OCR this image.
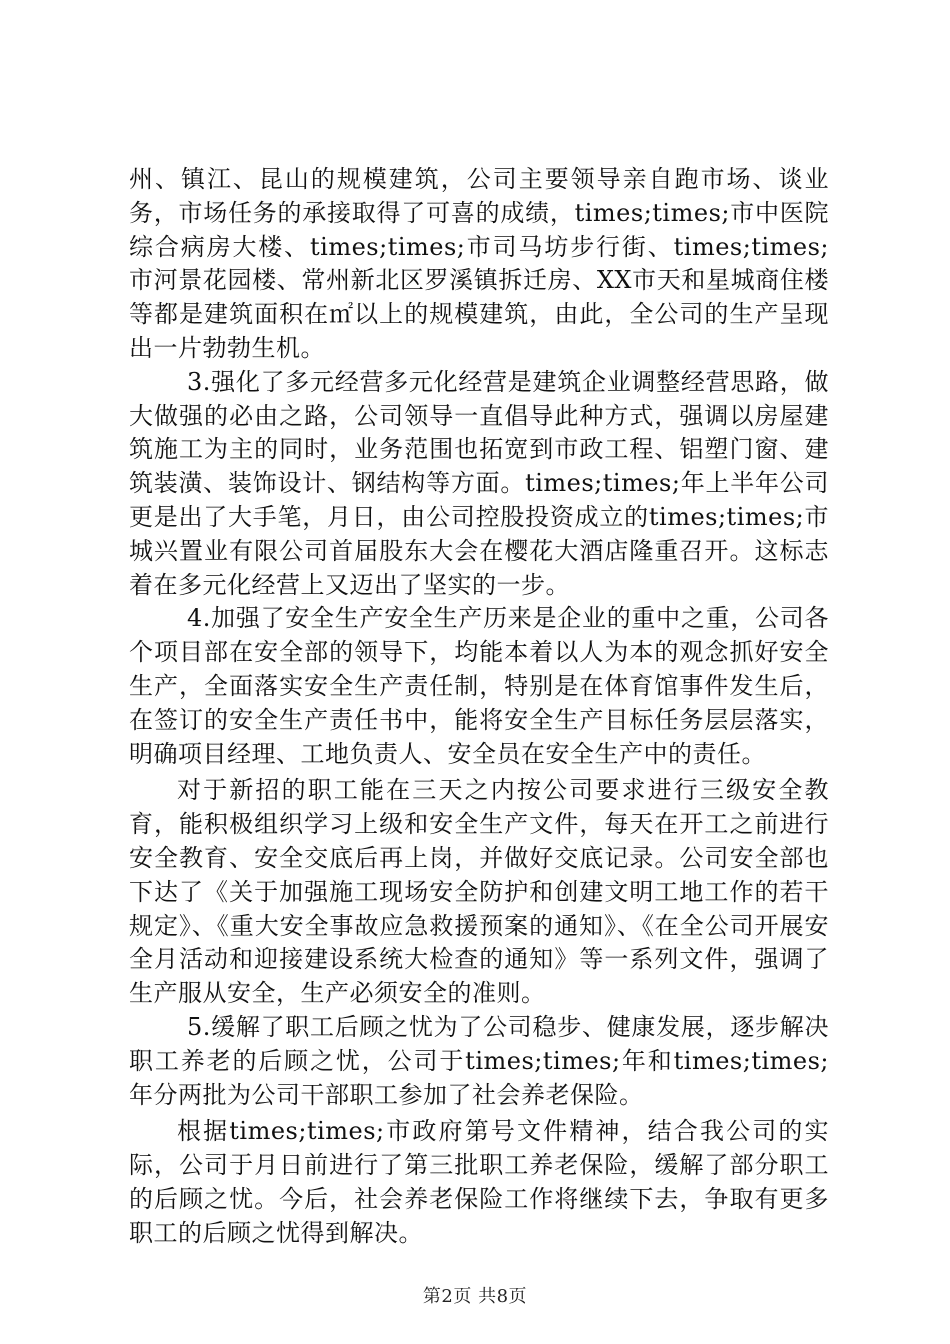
州、镇江、昆山的规模建筑，公司主要领导亲自跑市场、谈业务，市场任务的承接取得了可喜的成绩，times;times;市中医院综合病房大楼、times;times;市司马坊步行街、times;times;市河景花园楼、常州新北区罗溪镇拆迁房、XX市天和星城商住楼等都是建筑面积在㎡以上的规模建筑，由此，全公司的生产呈现出一片勃勃生机。

3.强化了多元经营多元化经营是建筑企业调整经营思路，做大做强的必由之路，公司领导一直倡导此种方式，强调以房屋建筑施工为主的同时，业务范围也拓宽到市政工程、铝塑门窗、建筑装潢、装饰设计、钢结构等方面。times;times;年上半年公司更是出了大手笔，月日，由公司控股投资成立的times;times;市城兴置业有限公司首届股东大会在樱花大酒店隆重召开。这标志着在多元化经营上又迈出了坚实的一步。

4.加强了安全生产安全生产历来是企业的重中之重，公司各个项目部在安全部的领导下，均能本着以人为本的观念抓好安全生产，全面落实安全生产责任制，特别是在体育馆事件发生后，在签订的安全生产责任书中，能将安全生产目标任务层层落实，明确项目经理、工地负责人、安全员在安全生产中的责任。

对于新招的职工能在三天之内按公司要求进行三级安全教育，能积极组织学习上级和安全生产文件，每天在开工之前进行安全教育、安全交底后再上岗，并做好交底记录。公司安全部也下达了《关于加强施工现场安全防护和创建文明工地工作的若干规定》、《重大安全事故应急救援预案的通知》、《在全公司开展安全月活动和迎接建设系统大检查的通知》等一系列文件，强调了生产服从安全，生产必须安全的准则。

5.缓解了职工后顾之忧为了公司稳步、健康发展，逐步解决职工养老的后顾之忧，公司于times;times;年和times;times;年分两批为公司干部职工参加了社会养老保险。

根据times;times;市政府第号文件精神，结合我公司的实际，公司于月日前进行了第三批职工养老保险，缓解了部分职工的后顾之忧。今后，社会养老保险工作将继续下去，争取有更多职工的后顾之忧得到解决。

第2页 共8页
